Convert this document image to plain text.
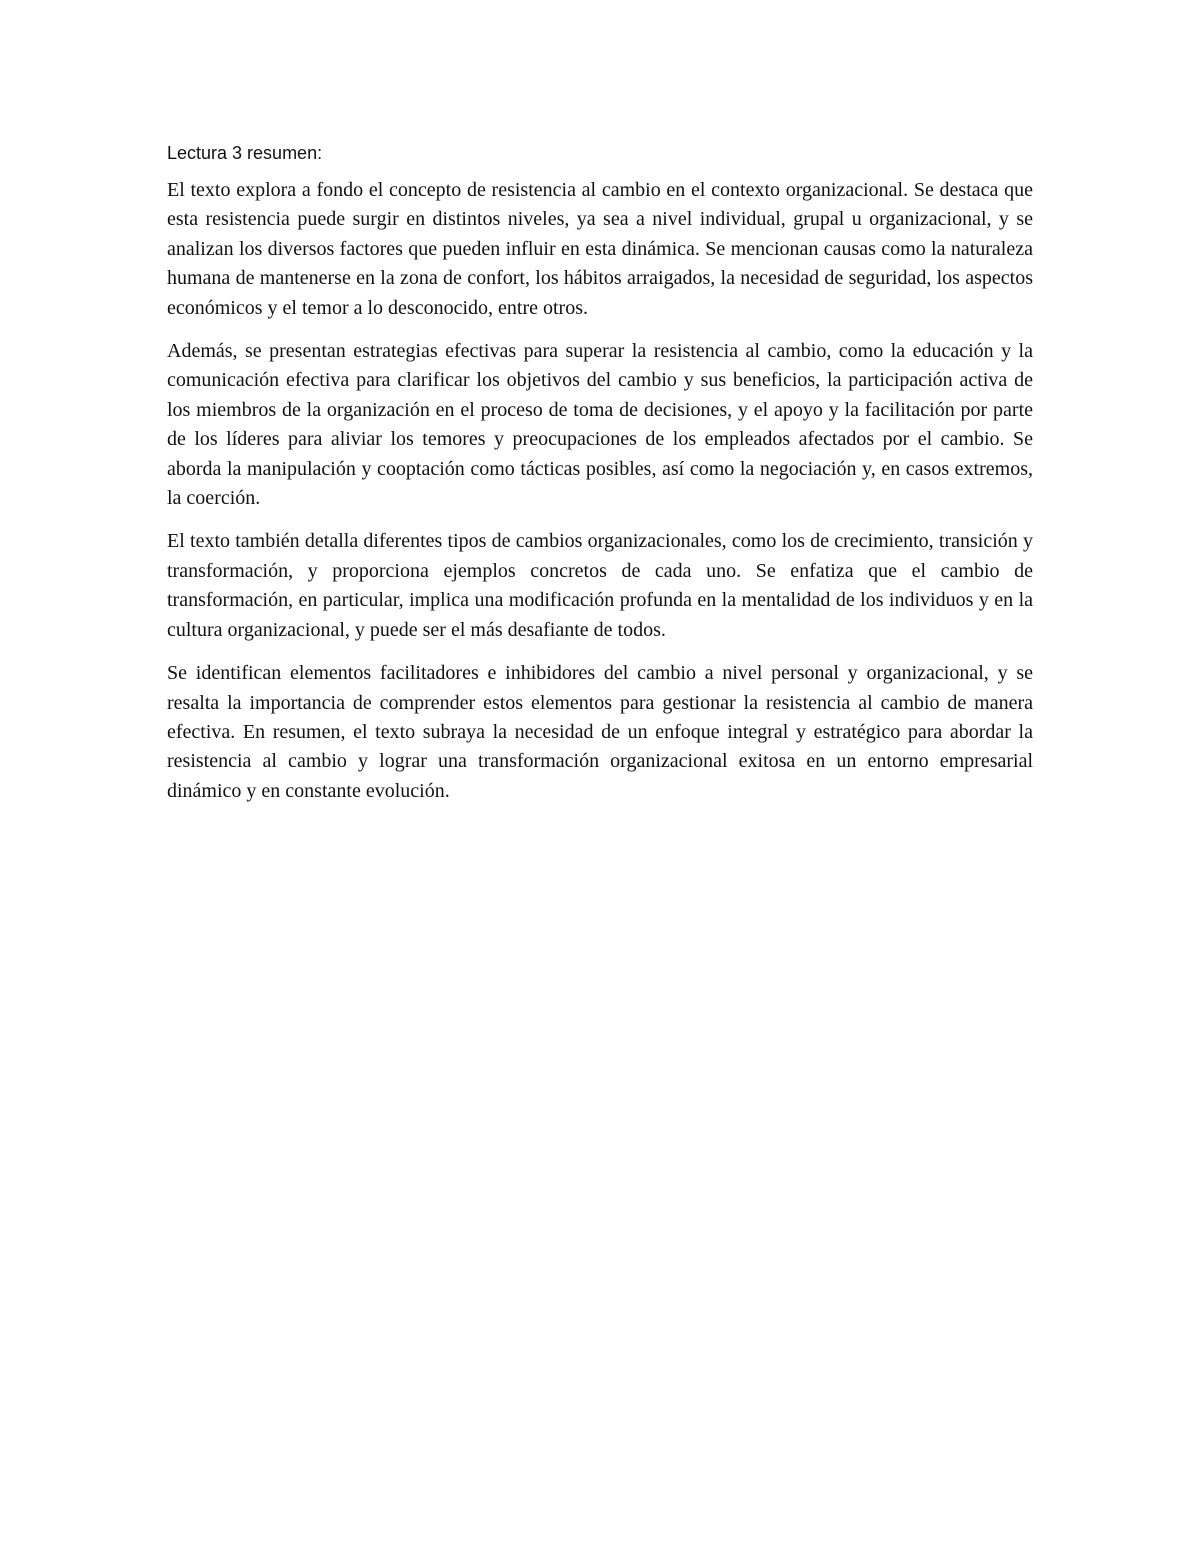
Lectura 3 resumen:

El texto explora a fondo el concepto de resistencia al cambio en el contexto organizacional. Se destaca que esta resistencia puede surgir en distintos niveles, ya sea a nivel individual, grupal u organizacional, y se analizan los diversos factores que pueden influir en esta dinámica. Se mencionan causas como la naturaleza humana de mantenerse en la zona de confort, los hábitos arraigados, la necesidad de seguridad, los aspectos económicos y el temor a lo desconocido, entre otros.

Además, se presentan estrategias efectivas para superar la resistencia al cambio, como la educación y la comunicación efectiva para clarificar los objetivos del cambio y sus beneficios, la participación activa de los miembros de la organización en el proceso de toma de decisiones, y el apoyo y la facilitación por parte de los líderes para aliviar los temores y preocupaciones de los empleados afectados por el cambio. Se aborda la manipulación y cooptación como tácticas posibles, así como la negociación y, en casos extremos, la coerción.

El texto también detalla diferentes tipos de cambios organizacionales, como los de crecimiento, transición y transformación, y proporciona ejemplos concretos de cada uno. Se enfatiza que el cambio de transformación, en particular, implica una modificación profunda en la mentalidad de los individuos y en la cultura organizacional, y puede ser el más desafiante de todos.

Se identifican elementos facilitadores e inhibidores del cambio a nivel personal y organizacional, y se resalta la importancia de comprender estos elementos para gestionar la resistencia al cambio de manera efectiva. En resumen, el texto subraya la necesidad de un enfoque integral y estratégico para abordar la resistencia al cambio y lograr una transformación organizacional exitosa en un entorno empresarial dinámico y en constante evolución.
